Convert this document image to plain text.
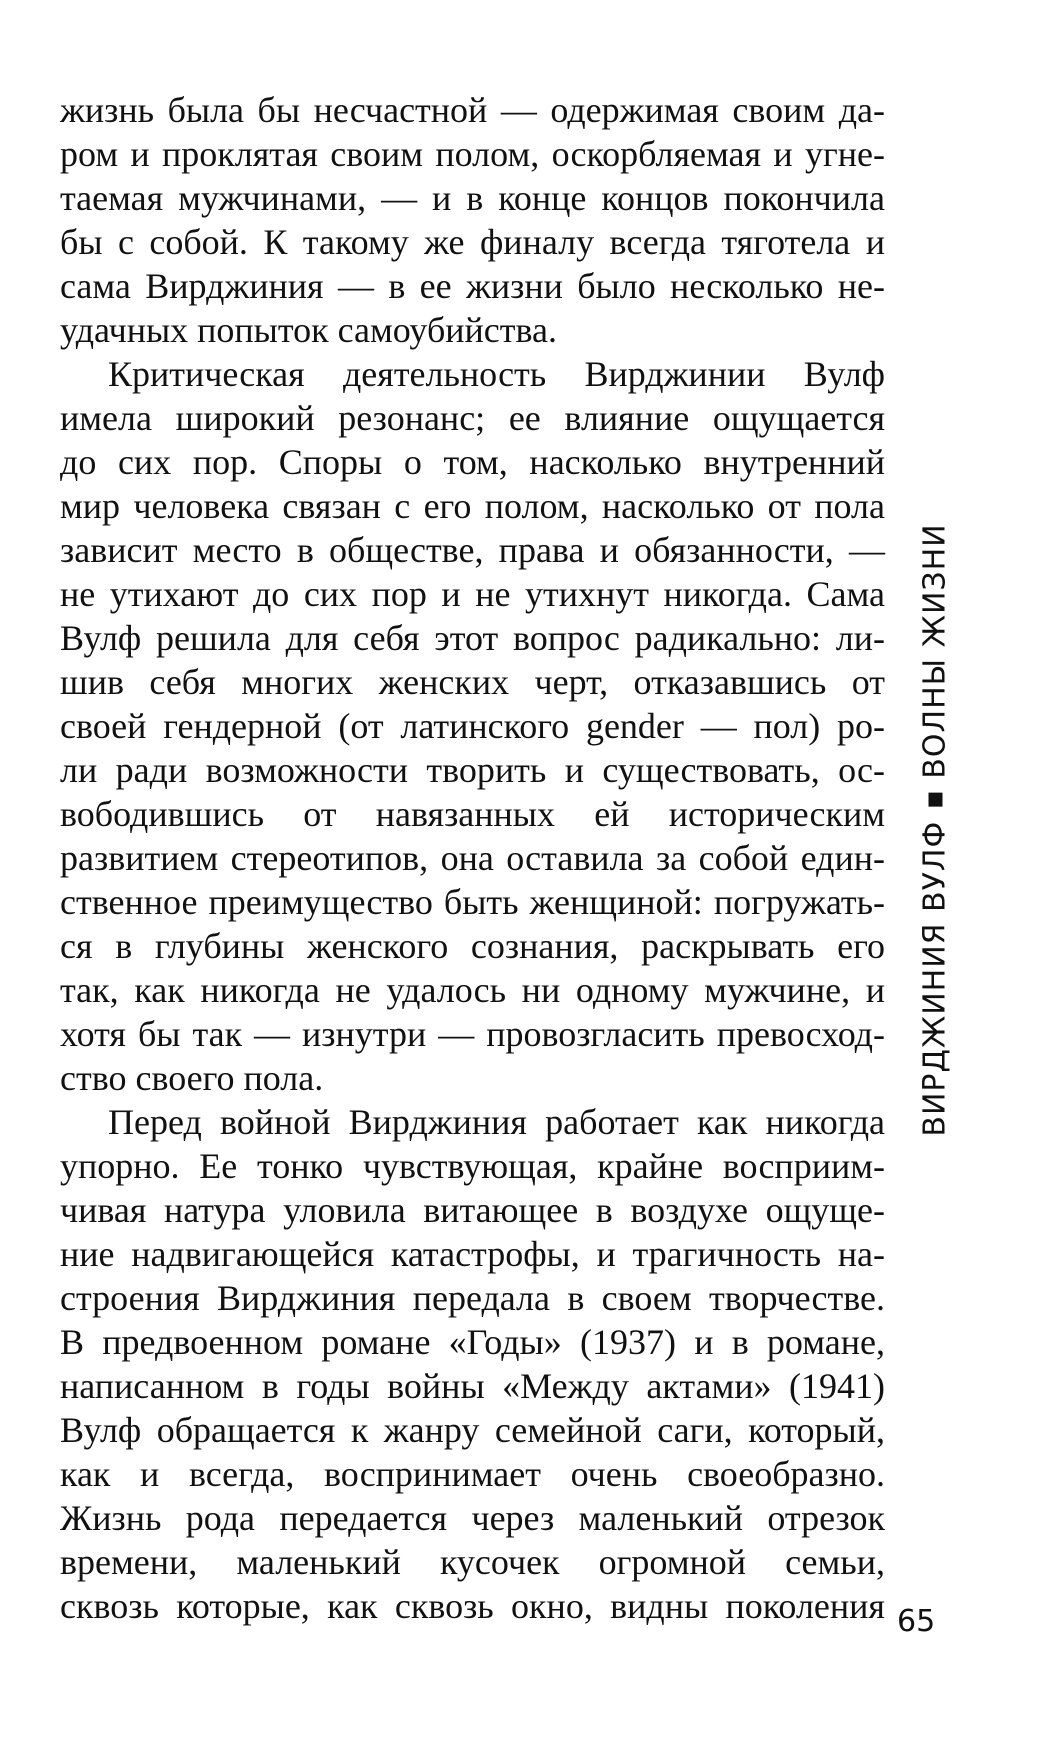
жизнь была бы несчастной — одержимая своим да-
ром и проклятая своим полом, оскорбляемая и угне-
таемая мужчинами, — и в конце концов покончила
бы с собой. К такому же финалу всегда тяготела и
сама Вирджиния — в ее жизни было несколько не-
удачных попыток самоубийства.
Критическая деятельность Вирджинии Вулф
имела широкий резонанс; ее влияние ощущается
до сих пор. Споры о том, насколько внутренний
мир человека связан с его полом, насколько от пола
зависит место в обществе, права и обязанности, —
не утихают до сих пор и не утихнут никогда. Сама
Вулф решила для себя этот вопрос радикально: ли-
шив себя многих женских черт, отказавшись от
своей гендерной (от латинского gender — пол) ро-
ли ради возможности творить и существовать, ос-
вободившись от навязанных ей историческим
развитием стереотипов, она оставила за собой един-
ственное преимущество быть женщиной: погружать-
ся в глубины женского сознания, раскрывать его
так, как никогда не удалось ни одному мужчине, и
хотя бы так — изнутри — провозгласить превосход-
ство своего пола.
Перед войной Вирджиния работает как никогда
упорно. Ее тонко чувствующая, крайне восприим-
чивая натура уловила витающее в воздухе ощуще-
ние надвигающейся катастрофы, и трагичность на-
строения Вирджиния передала в своем творчестве.
В предвоенном романе «Годы» (1937) и в романе,
написанном в годы войны «Между актами» (1941)
Вулф обращается к жанру семейной саги, который,
как и всегда, воспринимает очень своеобразно.
Жизнь рода передается через маленький отрезок
времени, маленький кусочек огромной семьи,
сквозь которые, как сквозь окно, видны поколения
ВИРДЖИНИЯ ВУЛФ
ВОЛНЫ ЖИЗНИ
65
